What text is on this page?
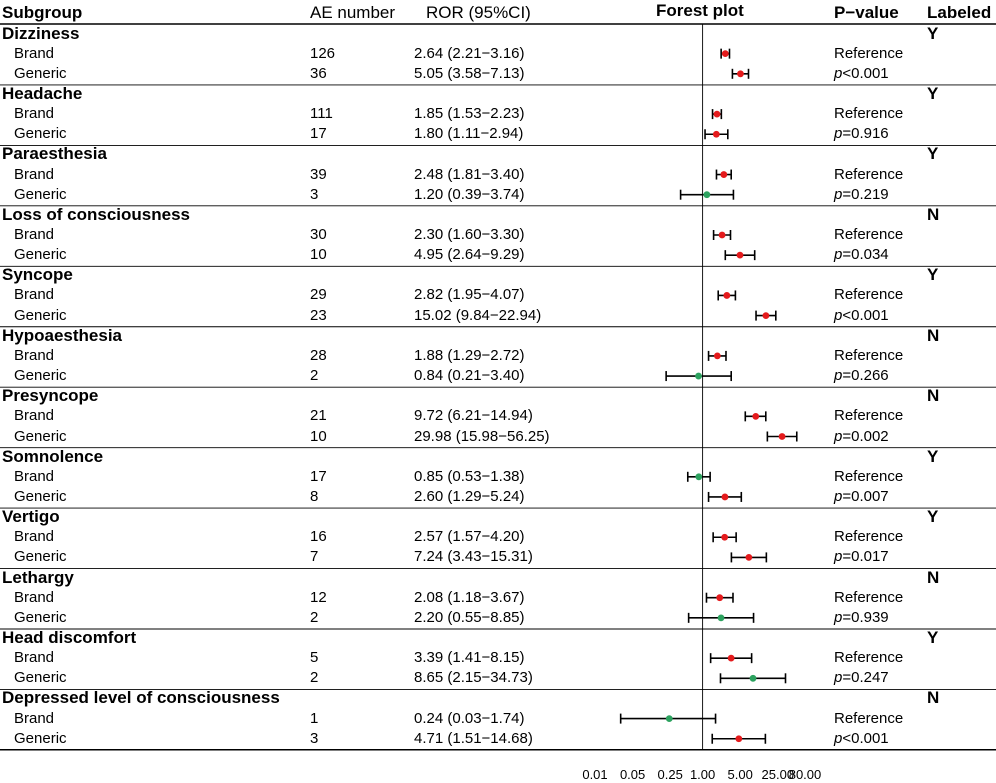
0.01 0.05 0.25 1.00 5.00 25.00
80.00
Subgroup	AE number ROR (95%CI)	Forest plot	P−value Labeled
Dizziness	Y
Brand	126	2.64 (2.21−3.16)	Reference
Generic	36	5.05 (3.58−7.13)	p<0.001
Headache	Y
Brand	111	1.85 (1.53−2.23)	Reference
Generic	17	1.80 (1.11−2.94)	p=0.916
Paraesthesia	Y
Brand	39	2.48 (1.81−3.40)	Reference
Generic	3	1.20 (0.39−3.74)	p=0.219
Loss of consciousness	N
Brand	30	2.30 (1.60−3.30)	Reference
Generic	10	4.95 (2.64−9.29)	p=0.034
Syncope	Y
Brand	29	2.82 (1.95−4.07)	Reference
Generic	23	15.02 (9.84−22.94)	p<0.001
Hypoaesthesia	N
Brand	28	1.88 (1.29−2.72)	Reference
Generic	2	0.84 (0.21−3.40)	p=0.266
Presyncope	N
Brand	21	9.72 (6.21−14.94)	Reference
Generic	10	29.98 (15.98−56.25)	p=0.002
Somnolence	Y
Brand	17	0.85 (0.53−1.38)	Reference
Generic	8	2.60 (1.29−5.24)	p=0.007
Vertigo	Y
Brand	16	2.57 (1.57−4.20)	Reference
Generic	7	7.24 (3.43−15.31)	p=0.017
Lethargy	N
Brand	12	2.08 (1.18−3.67)	Reference
Generic	2	2.20 (0.55−8.85)	p=0.939
Head discomfort	Y
Brand	5	3.39 (1.41−8.15)	Reference
Generic	2	8.65 (2.15−34.73)	p=0.247
Depressed level of consciousness	N
Brand	1	0.24 (0.03−1.74)	Reference
Generic	3	4.71 (1.51−14.68)	p<0.001
